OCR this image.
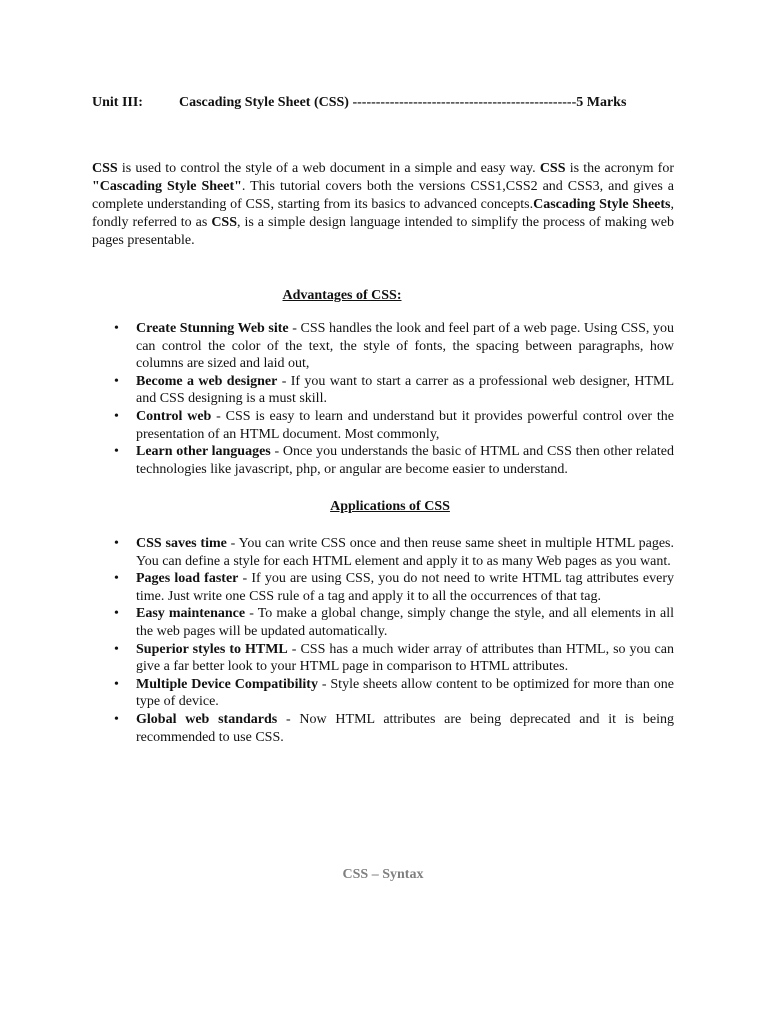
Unit III:	Cascading Style Sheet (CSS) ------------------------------------------------5 Marks

CSS is used to control the style of a web document in a simple and easy way. CSS is the acronym for "Cascading Style Sheet". This tutorial covers both the versions CSS1,CSS2 and CSS3, and gives a complete understanding of CSS, starting from its basics to advanced concepts.Cascading Style Sheets, fondly referred to as CSS, is a simple design language intended to simplify the process of making web pages presentable.

Advantages of CSS:
• Create Stunning Web site - CSS handles the look and feel part of a web page. Using CSS, you can control the color of the text, the style of fonts, the spacing between paragraphs, how columns are sized and laid out,
• Become a web designer - If you want to start a carrer as a professional web designer, HTML and CSS designing is a must skill.
• Control web - CSS is easy to learn and understand but it provides powerful control over the presentation of an HTML document. Most commonly,
• Learn other languages - Once you understands the basic of HTML and CSS then other related technologies like javascript, php, or angular are become easier to understand.
Applications of CSS
• CSS saves time - You can write CSS once and then reuse same sheet in multiple HTML pages. You can define a style for each HTML element and apply it to as many Web pages as you want.
• Pages load faster - If you are using CSS, you do not need to write HTML tag attributes every time. Just write one CSS rule of a tag and apply it to all the occurrences of that tag.
• Easy maintenance - To make a global change, simply change the style, and all elements in all the web pages will be updated automatically.
• Superior styles to HTML - CSS has a much wider array of attributes than HTML, so you can give a far better look to your HTML page in comparison to HTML attributes.
• Multiple Device Compatibility - Style sheets allow content to be optimized for more than one type of device.
• Global web standards - Now HTML attributes are being deprecated and it is being recommended to use CSS.
CSS – Syntax
